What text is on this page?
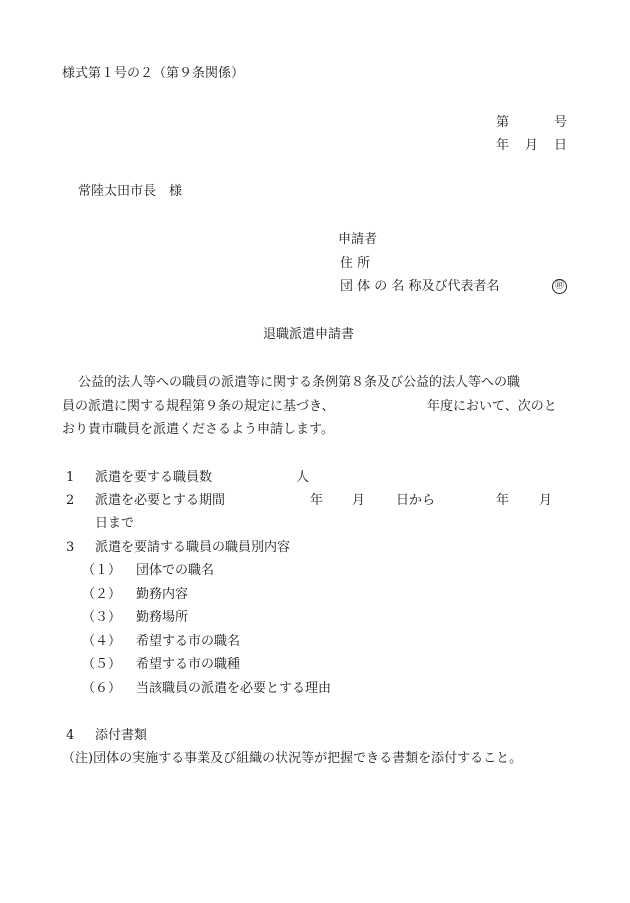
様式第１号の２（第９条関係）
第	号
年 月 日
常陸太田市長　様
申請者
住 所
団 体 の 名 称及び代表者名	㊞
退職派遣申請書
公益的法人等への職員の派遣等に関する条例第８条及び公益的法人等への職
員の派遣に関する規程第９条の規定に基づき、	年度において、次のと
おり貴市職員を派遣くださるよう申請します。
1 派遣を要する職員数	人
2 派遣を必要とする期間	年 月 日から	年 月
日まで
3 派遣を要請する職員の職員別内容
（１） 団体での職名
（２） 勤務内容
（３） 勤務場所
（４） 希望する市の職名
（５） 希望する市の職種
（６） 当該職員の派遣を必要とする理由
4 添付書類
（注)団体の実施する事業及び組織の状況等が把握できる書類を添付すること。
